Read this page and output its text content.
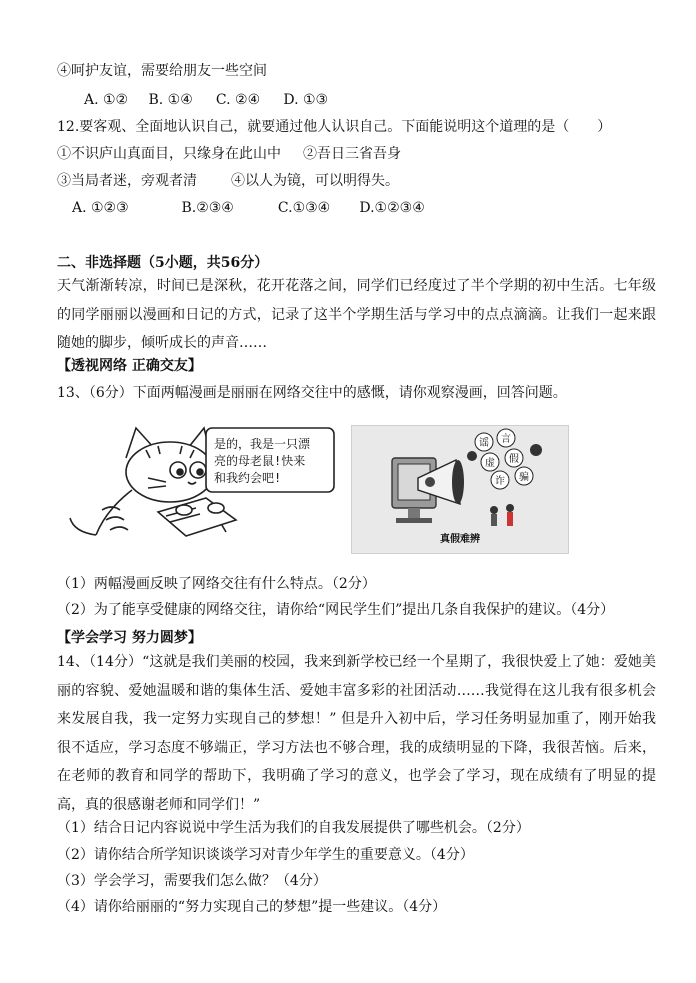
④呵护友谊，需要给朋友一些空间
A. ①② B. ①④ C. ②④ D. ①③
12.要客观、全面地认识自己，就要通过他人认识自己。下面能说明这个道理的是（　　）
①不识庐山真面目，只缘身在此山中 ②吾日三省吾身
③当局者迷，旁观者清 ④以人为镜，可以明得失。
A. ①②③	B.②③④	C.①③④ D.①②③④
二、非选择题（5小题，共56分）
天气渐渐转凉，时间已是深秋，花开花落之间，同学们已经度过了半个学期的初中生活。七年级的同学丽丽以漫画和日记的方式，记录了这半个学期生活与学习中的点点滴滴。让我们一起来跟随她的脚步，倾听成长的声音……
【透视网络 正确交友】
13、（6分）下面两幅漫画是丽丽在网络交往中的感慨，请你观察漫画，回答问题。
是的，我是一只漂
亮的母老鼠!快来
和我约会吧!
谣 言
虚 假
诈 骗
真假难辨
（1）两幅漫画反映了网络交往有什么特点。（2分）
（2）为了能享受健康的网络交往，请你给“网民学生们”提出几条自我保护的建议。（4分）
【学会学习 努力圆梦】
14、（14分）“这就是我们美丽的校园，我来到新学校已经一个星期了，我很快爱上了她：爱她美丽的容貌、爱她温暖和谐的集体生活、爱她丰富多彩的社团活动……我觉得在这儿我有很多机会来发展自我，我一定努力实现自己的梦想！” 但是升入初中后，学习任务明显加重了，刚开始我很不适应，学习态度不够端正，学习方法也不够合理，我的成绩明显的下降，我很苦恼。后来，在老师的教育和同学的帮助下，我明确了学习的意义，也学会了学习，现在成绩有了明显的提高，真的很感谢老师和同学们！”
（1）结合日记内容说说中学生活为我们的自我发展提供了哪些机会。（2分）
（2）请你结合所学知识谈谈学习对青少年学生的重要意义。（4分）
（3）学会学习，需要我们怎么做？（4分）
（4）请你给丽丽的“努力实现自己的梦想”提一些建议。（4分）
